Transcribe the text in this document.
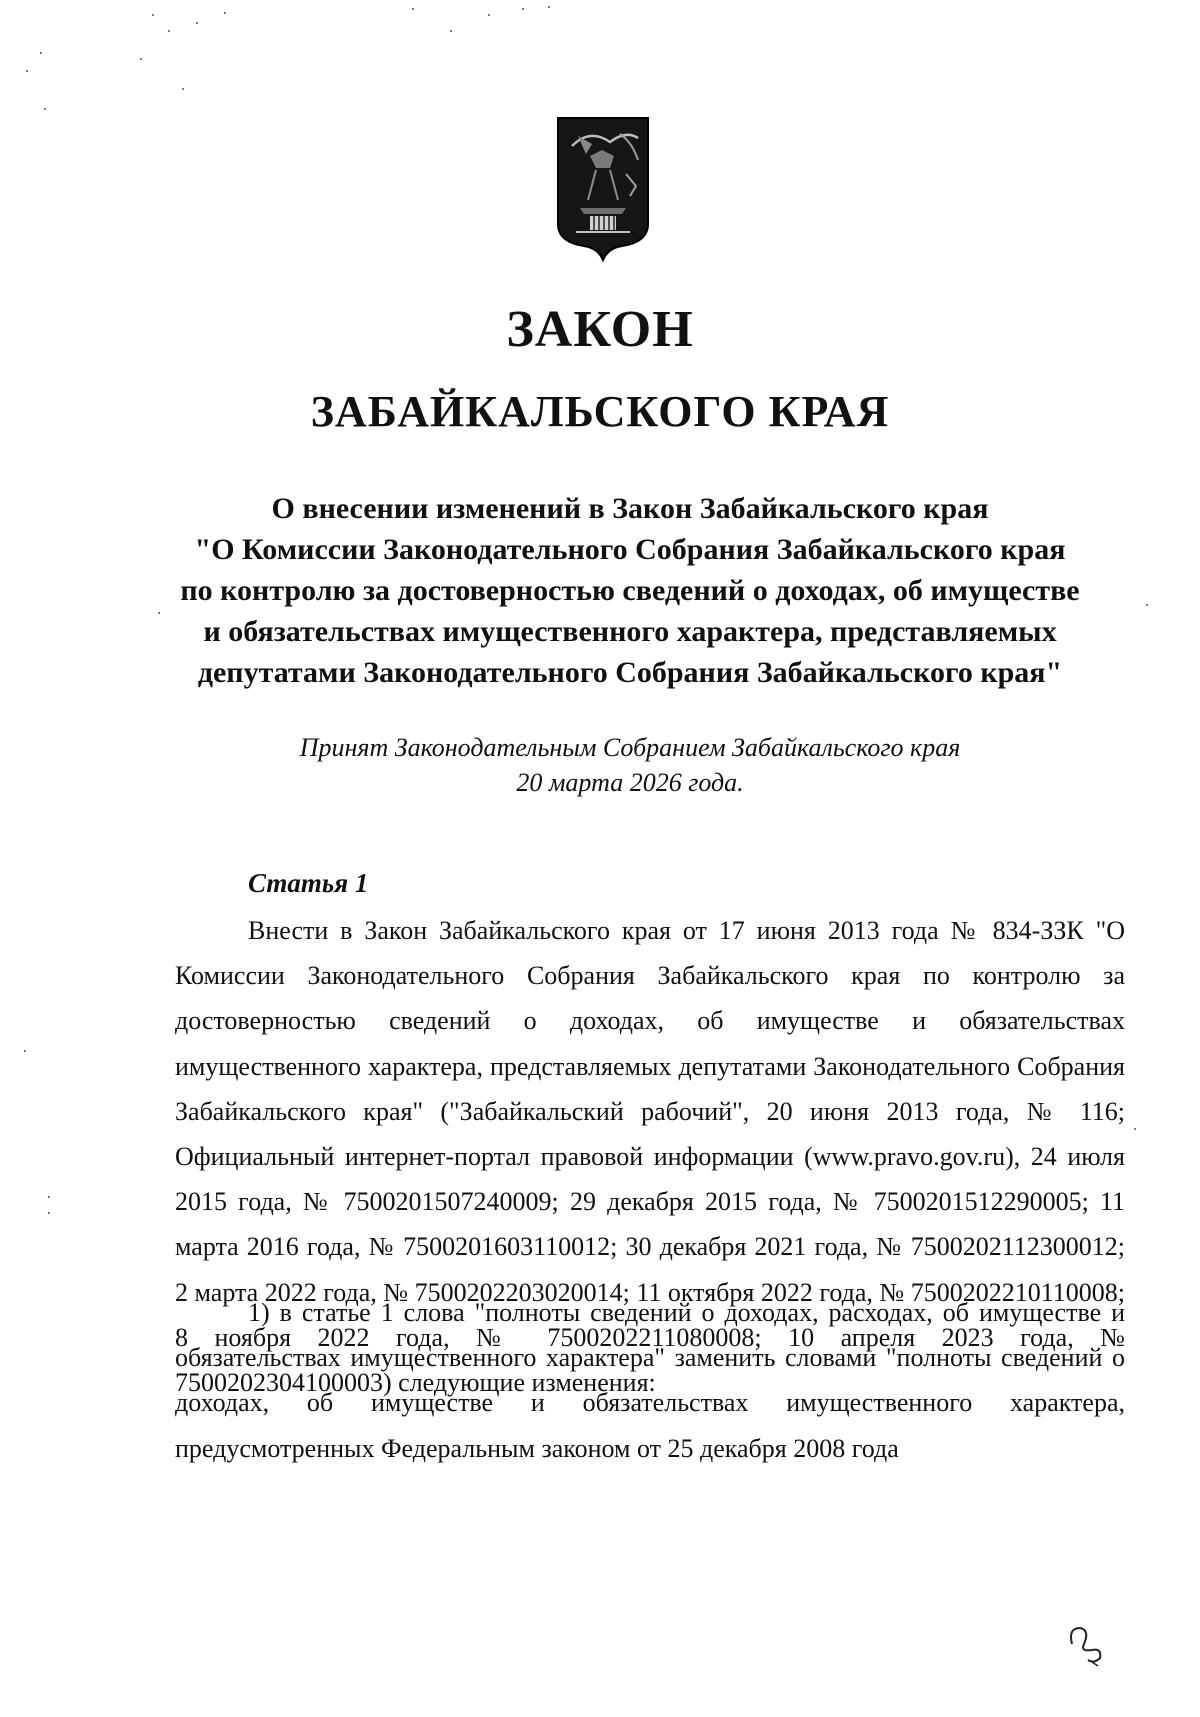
ЗАКОН
ЗАБАЙКАЛЬСКОГО КРАЯ
О внесении изменений в Закон Забайкальского края
"О Комиссии Законодательного Собрания Забайкальского края
по контролю за достоверностью сведений о доходах, об имуществе
и обязательствах имущественного характера, представляемых
депутатами Законодательного Собрания Забайкальского края"
Принят Законодательным Собранием Забайкальского края
20 марта 2026 года.
Статья 1

Внести в Закон Забайкальского края от 17 июня 2013 года № 834-ЗЗК "О Комиссии Законодательного Собрания Забайкальского края по контролю за достоверностью сведений о доходах, об имуществе и обязательствах имущественного характера, представляемых депутатами Законодательного Собрания Забайкальского края" ("Забайкальский рабочий", 20 июня 2013 года, № 116; Официальный интернет-портал правовой информации (www.pravo.gov.ru), 24 июля 2015 года, № 7500201507240009; 29 декабря 2015 года, № 7500201512290005; 11 марта 2016 года, № 7500201603110012; 30 декабря 2021 года, № 7500202112300012; 2 марта 2022 года, № 7500202203020014; 11 октября 2022 года, № 7500202210110008; 8 ноября 2022 года, № 7500202211080008; 10 апреля 2023 года, № 7500202304100003) следующие изменения:

1) в статье 1 слова "полноты сведений о доходах, расходах, об имуществе и обязательствах имущественного характера" заменить словами "полноты сведений о доходах, об имуществе и обязательствах имущественного характера, предусмотренных Федеральным законом от 25 декабря 2008 года
